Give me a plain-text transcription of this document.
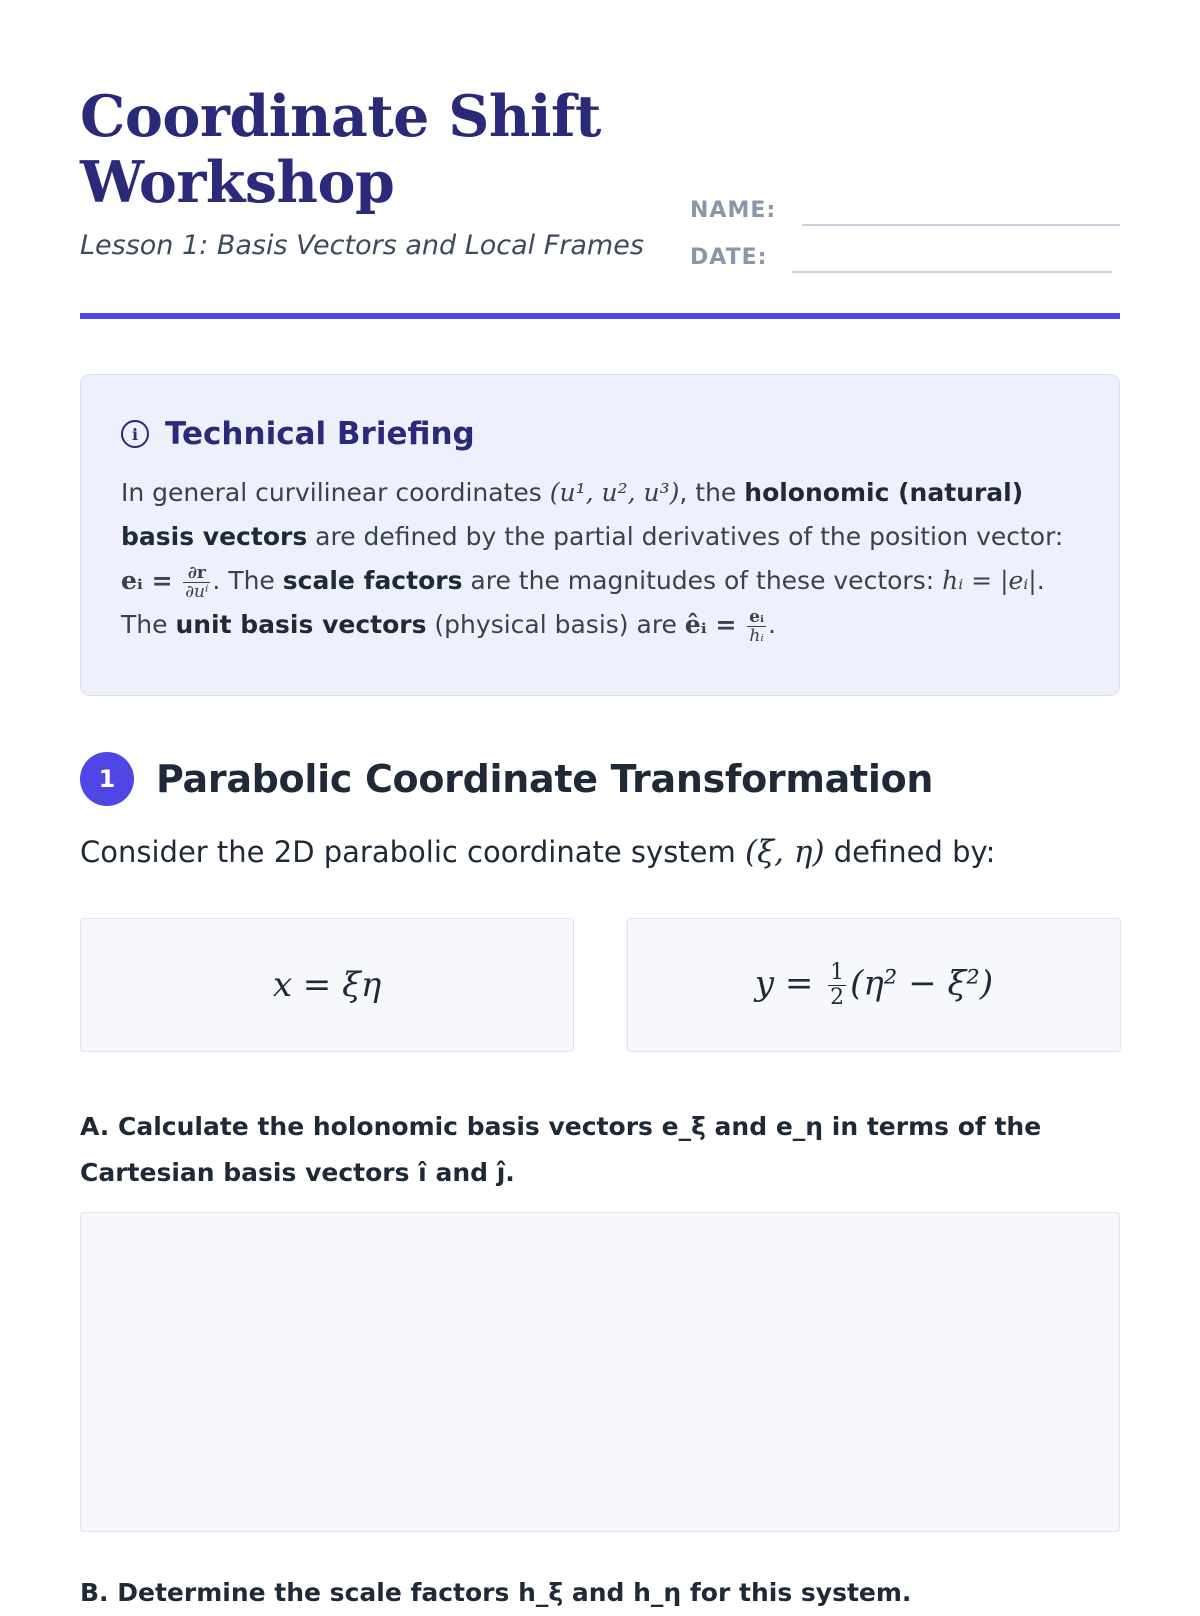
Coordinate Shift Workshop

Lesson 1: Basis Vectors and Local Frames

NAME:
DATE:
i Technical Briefing
In general curvilinear coordinates (u¹, u², u³), the holonomic (natural) basis vectors are defined by the partial derivatives of the position vector: eᵢ = $\frac{\partial r}{\text{∂uⁱ}}$ . The scale factors are the magnitudes of these vectors: hᵢ = |eᵢ|. The unit basis vectors (physical basis) are êᵢ = $\frac{\text{eᵢ}}{\text{hᵢ}}$ .
1	Parabolic Coordinate Transformation
Consider the 2D parabolic coordinate system (ξ, η) defined by:
x = ξη	$y = \frac{1}{2} (\eta^2 - \xi^2)$
A. Calculate the holonomic basis vectors e_ξ and e_η in terms of the Cartesian basis vectors î and ĵ.
B. Determine the scale factors h_ξ and h_η for this system.
